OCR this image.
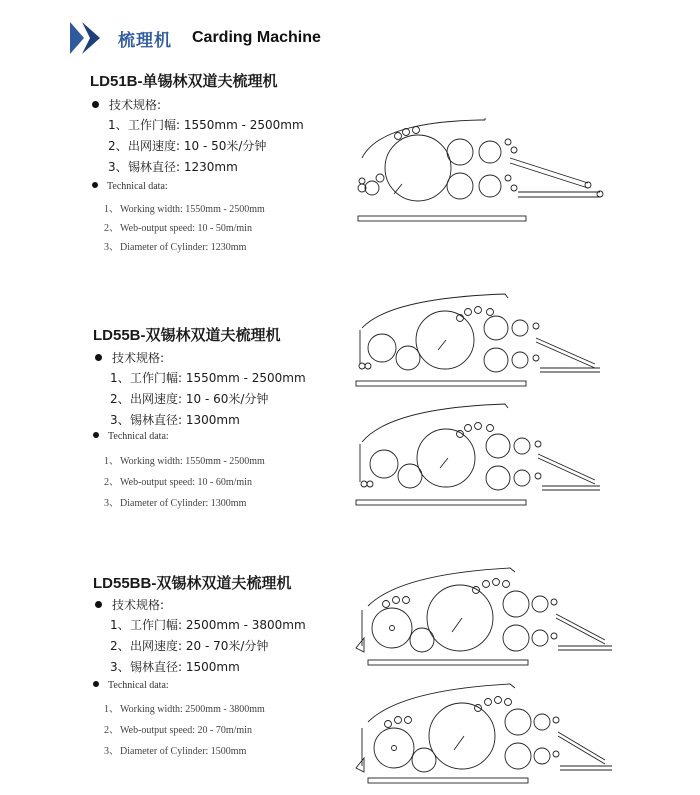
梳理机 Carding Machine
LD51B-单锡林双道夫梳理机
技术规格:
1、工作门幅: 1550mm - 2500mm
2、出网速度: 10 - 50米/分钟
3、锡林直径: 1230mm
Technical data:
1、Working width: 1550mm - 2500mm
2、Web-output speed: 10 - 50m/min
3、Diameter of Cylinder: 1230mm
LD55B-双锡林双道夫梳理机
技术规格:
1、工作门幅: 1550mm - 2500mm
2、出网速度: 10 - 60米/分钟
3、锡林直径: 1300mm
Technical data:
1、Working width: 1550mm - 2500mm
2、Web-output speed: 10 - 60m/min
3、Diameter of Cylinder: 1300mm
LD55BB-双锡林双道夫梳理机
技术规格:
1、工作门幅: 2500mm - 3800mm
2、出网速度: 20 - 70米/分钟
3、锡林直径: 1500mm
Technical data:
1、Working width: 2500mm - 3800mm
2、Web-output speed: 20 - 70m/min
3、Diameter of Cylinder: 1500mm
